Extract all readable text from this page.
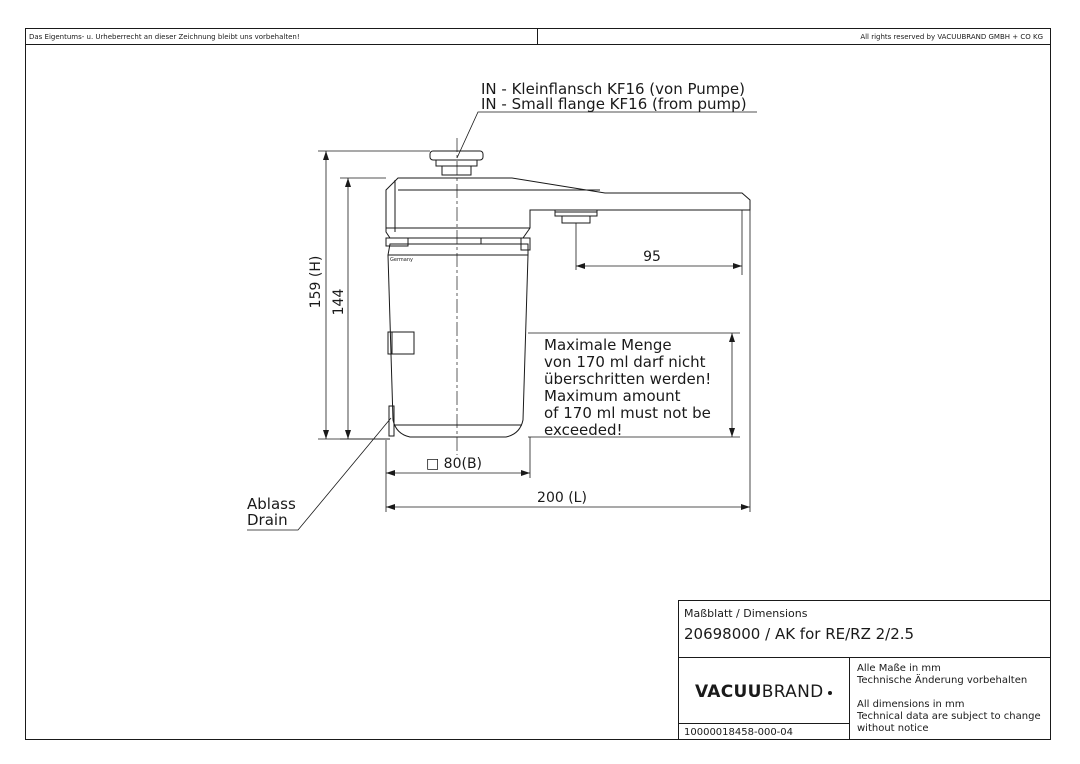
Das Eigentums- u. Urheberrecht an dieser Zeichnung bleibt uns vorbehalten!	All rights reserved by VACUUBRAND GMBH + CO KG
Germany
159 (H) 144
95
□ 80(B)
200 (L)
IN - Kleinflansch KF16 (von Pumpe)
IN - Small flange KF16 (from pump)
Maximale Menge
von 170 ml darf nicht
überschritten werden!
Maximum amount
of 170 ml must not be
exceeded!
Ablass
Drain
Maßblatt / Dimensions
20698000 / AK for RE/RZ 2/2.5
VACUUBRAND
Alle Maße in mm
Technische Änderung vorbehalten
All dimensions in mm
Technical data are subject to change
without notice
10000018458-000-04
